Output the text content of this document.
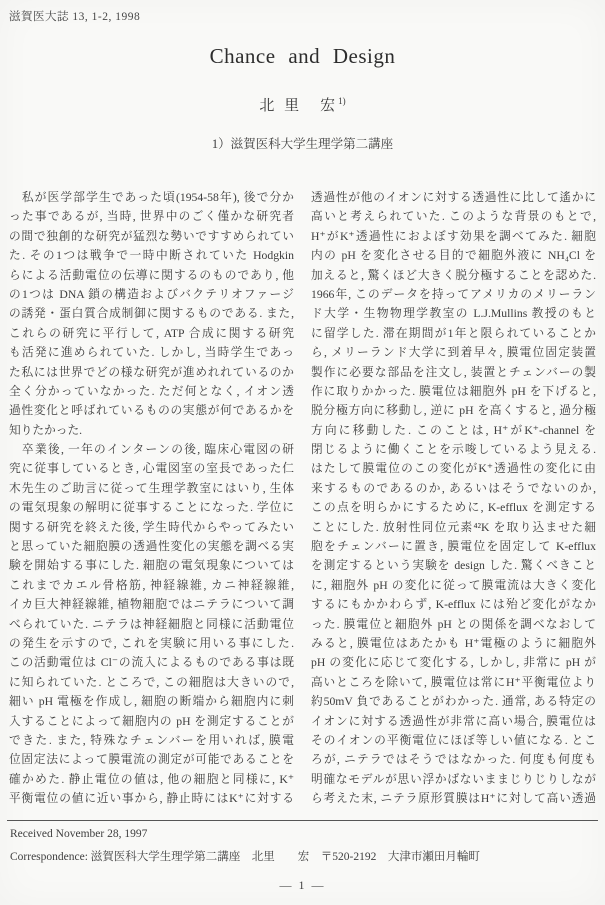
滋賀医大誌 13, 1-2, 1998
Chance and Design
北 里　宏$^{1)}$
1）滋賀医科大学生理学第二講座
　私が医学部学生であった頃(1954-58年), 後で分か
った事であるが, 当時, 世界中のごく僅かな研究者
の間で独創的な研究が猛烈な勢いですすめられてい
た. その1つは戦争で一時中断されていた Hodgkin
らによる活動電位の伝導に関するのものであり, 他
の1つは DNA 鎖の構造およびバクテリオファージ
の誘発・蛋白質合成制御に関するものである. また,
これらの研究に平行して, ATP 合成に関する研究
も活発に進められていた. しかし, 当時学生であっ
た私には世界でどの様な研究が進めれれているのか
全く分かっていなかった. ただ何となく, イオン透
過性変化と呼ばれているものの実態が何であるかを
知りたかった.
　卒業後, 一年のインターンの後, 臨床心電図の研
究に従事しているとき, 心電図室の室長であった仁
木先生のご助言に従って生理学教室にはいり, 生体
の電気現象の解明に従事することになった. 学位に
関する研究を終えた後, 学生時代からやってみたい
と思っていた細胞膜の透過性変化の実態を調べる実
験を開始する事にした. 細胞の電気現象については
これまでカエル骨格筋, 神経線維, カニ神経線維,
イカ巨大神経線維, 植物細胞ではニテラについて調
べられていた. ニテラは神経細胞と同様に活動電位
の発生を示すので, これを実験に用いる事にした.
この活動電位は Cl⁻の流入によるものである事は既
に知られていた. ところで, この細胞は大きいので,
細い pH 電極を作成し, 細胞の断端から細胞内に刺
入することによって細胞内の pH を測定することが
できた. また, 特殊なチェンバーを用いれば, 膜電
位固定法によって膜電流の測定が可能であることを
確かめた. 静止電位の値は, 他の細胞と同様に, K⁺
平衡電位の値に近い事から, 静止時にはK⁺に対する
透過性が他のイオンに対する透過性に比して遙かに
高いと考えられていた. このような背景のもとで,
H⁺がK⁺透過性におよぼす効果を調べてみた. 細胞
内の pH を変化させる目的で細胞外液に NH₄Cl を
加えると, 驚くほど大きく脱分極することを認めた.
1966年, このデータを持ってアメリカのメリーラン
ド大学・生物物理学教室の L.J.Mullins 教授のもと
に留学した. 滞在期間が1年と限られていることか
ら, メリーランド大学に到着早々, 膜電位固定装置
製作に必要な部品を注文し, 装置とチェンバーの製
作に取りかかった. 膜電位は細胞外 pH を下げると,
脱分極方向に移動し, 逆に pH を高くすると, 過分極
方向に移動した. このことは, H⁺がK⁺-channel を
閉じるように働くことを示唆しているよう見える.
はたして膜電位のこの変化がK⁺透過性の変化に由
来するものであるのか, あるいはそうでないのか,
この点を明らかにするために, K-efflux を測定する
ことにした. 放射性同位元素⁴²K を取り込ませた細
胞をチェンバーに置き, 膜電位を固定して K-efflux
を測定するという実験を design した. 驚くべきこと
に, 細胞外 pH の変化に従って膜電流は大きく変化
するにもかかわらず, K-efflux には殆ど変化がなか
った. 膜電位と細胞外 pH との関係を調べなおして
みると, 膜電位はあたかも H⁺電極のように細胞外
pH の変化に応じて変化する, しかし, 非常に pH が
高いところを除いて, 膜電位は常にH⁺平衡電位より
約50mV 負であることがわかった. 通常, ある特定の
イオンに対する透過性が非常に高い場合, 膜電位は
そのイオンの平衡電位にほぼ等しい値になる. とこ
ろが, ニテラではそうではなかった. 何度も何度も
明確なモデルが思い浮かばないままじりじりしなが
ら考えた末, ニテラ原形質膜はH⁺に対して高い透過
Received November 28, 1997
Correspondence: 滋賀医科大学生理学第二講座　北里　　宏　〒520-2192　大津市瀬田月輪町
— 1 —
